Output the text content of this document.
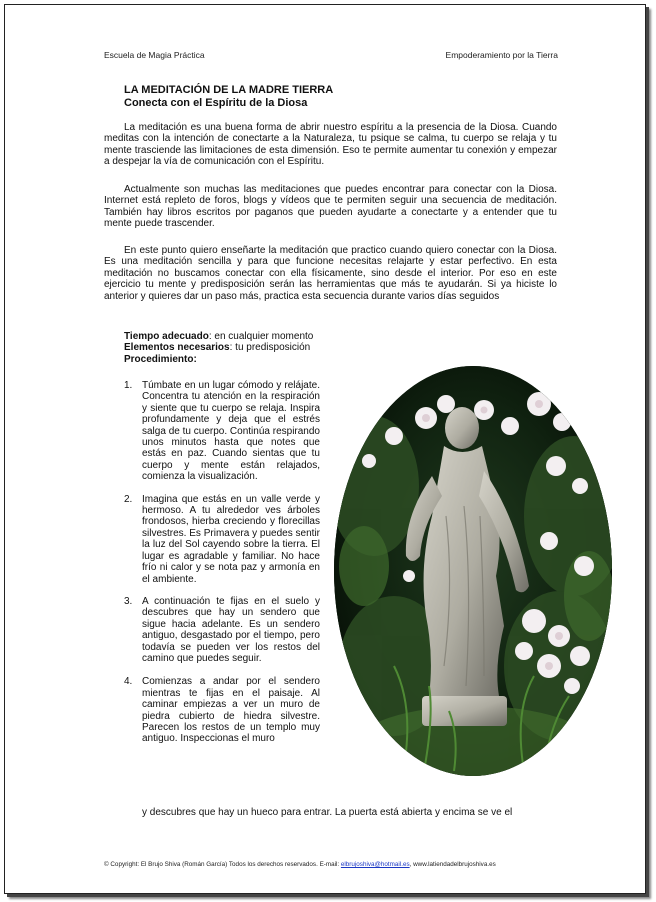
Escuela de Magia Práctica	Empoderamiento por la Tierra
LA MEDITACIÓN DE LA MADRE TIERRA
Conecta con el Espíritu de la Diosa

La meditación es una buena forma de abrir nuestro espíritu a la presencia de la Diosa. Cuando meditas con la intención de conectarte a la Naturaleza, tu psique se calma, tu cuerpo se relaja y tu mente trasciende las limitaciones de esta dimensión. Eso te permite aumentar tu conexión y empezar a despejar la vía de comunicación con el Espíritu.

Actualmente son muchas las meditaciones que puedes encontrar para conectar con la Diosa. Internet está repleto de foros, blogs y vídeos que te permiten seguir una secuencia de meditación. También hay libros escritos por paganos que pueden ayudarte a conectarte y a entender que tu mente puede trascender.

En este punto quiero enseñarte la meditación que practico cuando quiero conectar con la Diosa. Es una meditación sencilla y para que funcione necesitas relajarte y estar perfectivo. En esta meditación no buscamos conectar con ella físicamente, sino desde el interior. Por eso en este ejercicio tu mente y predisposición serán las herramientas que más te ayudarán. Si ya hiciste lo anterior y quieres dar un paso más, practica esta secuencia durante varios días seguidos

Tiempo adecuado: en cualquier momento
Elementos necesarios: tu predisposición
Procedimiento:
1. Túmbate en un lugar cómodo y relájate. Concentra tu atención en la respiración y siente que tu cuerpo se relaja. Inspira profundamente y deja que el estrés salga de tu cuerpo. Continúa respirando unos minutos hasta que notes que estás en paz. Cuando sientas que tu cuerpo y mente están relajados, comienza la visualización.
2. Imagina que estás en un valle verde y hermoso. A tu alrededor ves árboles frondosos, hierba creciendo y florecillas silvestres. Es Primavera y puedes sentir la luz del Sol cayendo sobre la tierra. El lugar es agradable y familiar. No hace frío ni calor y se nota paz y armonía en el ambiente.
3. A continuación te fijas en el suelo y descubres que hay un sendero que sigue hacia adelante. Es un sendero antiguo, desgastado por el tiempo, pero todavía se pueden ver los restos del camino que puedes seguir.
4. Comienzas a andar por el sendero mientras te fijas en el paisaje. Al caminar empiezas a ver un muro de piedra cubierto de hiedra silvestre. Parecen los restos de un templo muy antiguo. Inspeccionas el muro
y descubres que hay un hueco para entrar. La puerta está abierta y encima se ve el
© Copyright: El Brujo Shiva (Román García) Todos los derechos reservados. E-mail: elbrujoshiva@hotmail.es, www.latiendadelbrujoshiva.es
